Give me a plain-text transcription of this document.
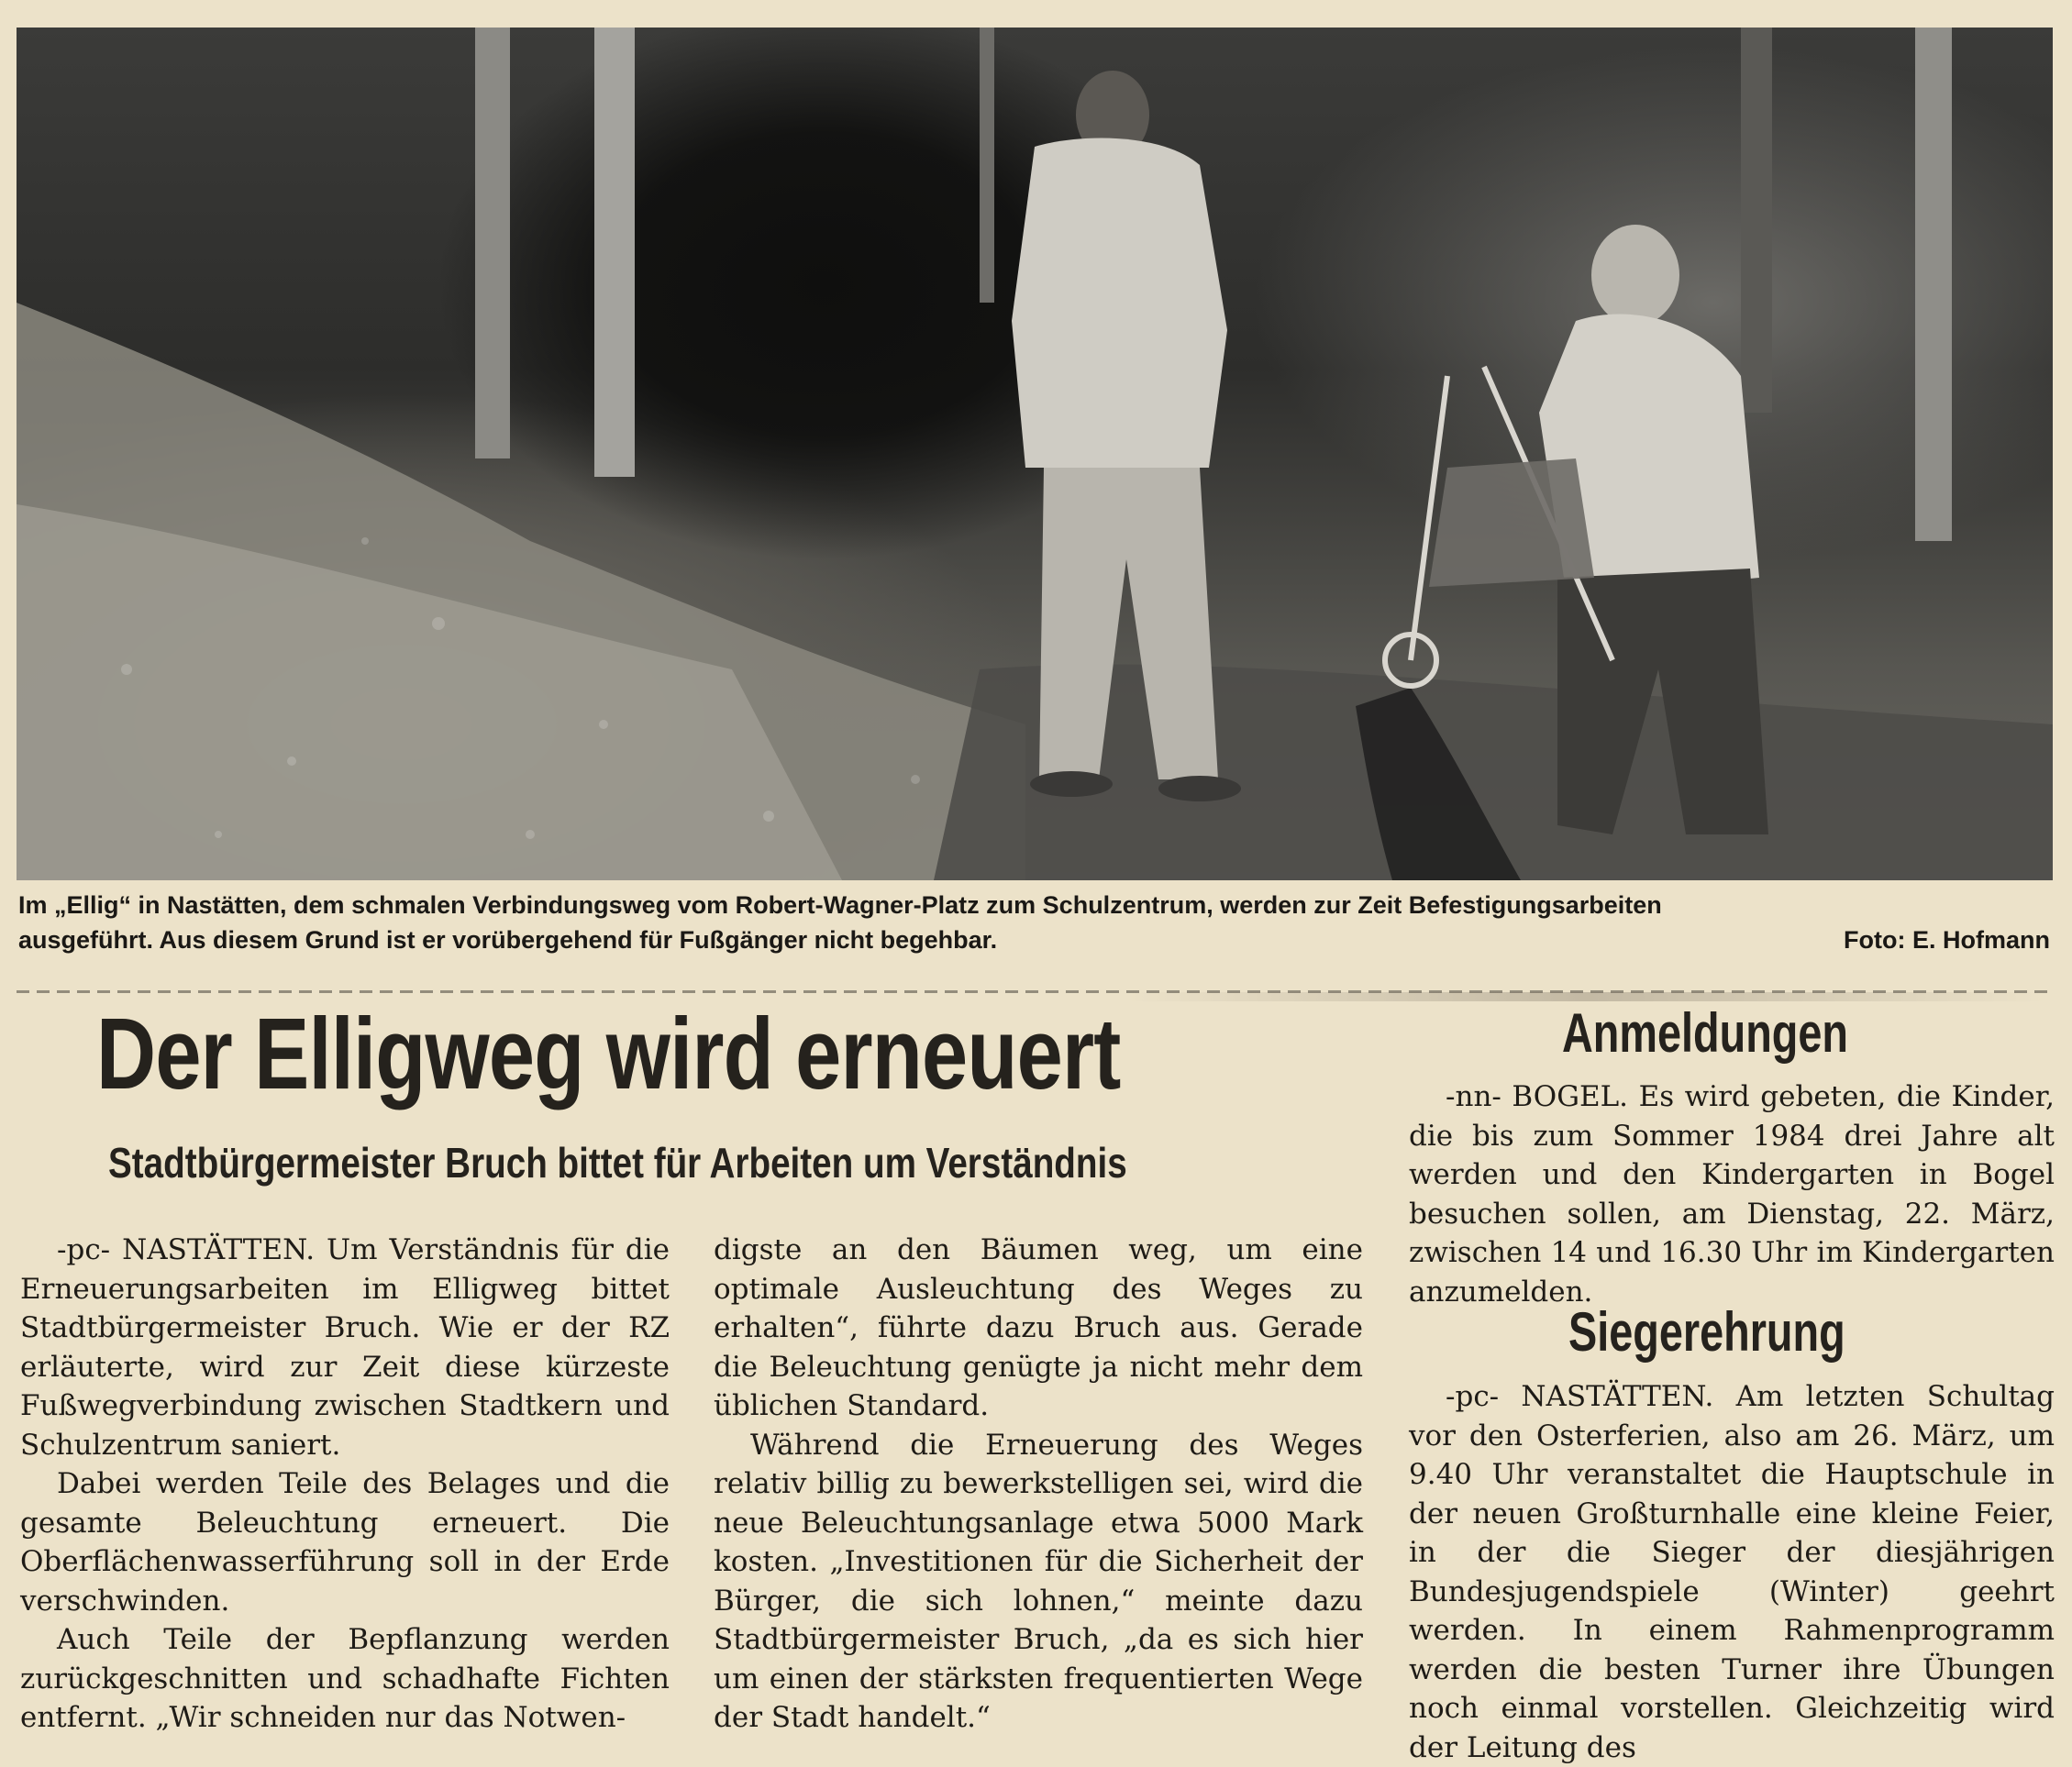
Im „Ellig“ in Nastätten, dem schmalen Verbindungsweg vom Robert-Wagner-Platz zum Schulzentrum, werden zur Zeit Befestigungsarbeiten
ausgeführt. Aus diesem Grund ist er vorübergehend für Fußgänger nicht begehbar.	Foto: E. Hofmann
Der Elligweg wird erneuert
Stadtbürgermeister Bruch bittet für Arbeiten um Verständnis

-pc- NASTÄTTEN. Um Verständnis für die Erneuerungsarbeiten im Elligweg bittet Stadtbürgermeister Bruch. Wie er der RZ erläuterte, wird zur Zeit diese kürzeste Fußwegverbindung zwischen Stadtkern und Schulzentrum saniert.

Dabei werden Teile des Belages und die gesamte Beleuchtung erneuert. Die Oberflächenwasserführung soll in der Erde verschwinden.

Auch Teile der Bepflanzung werden zurückgeschnitten und schadhafte Fichten entfernt. „Wir schneiden nur das Notwen-

digste an den Bäumen weg, um eine optimale Ausleuchtung des Weges zu erhalten“, führte dazu Bruch aus. Gerade die Beleuchtung genügte ja nicht mehr dem üblichen Standard.

Während die Erneuerung des Weges relativ billig zu bewerkstelligen sei, wird die neue Beleuchtungsanlage etwa 5000 Mark kosten. „Investitionen für die Sicherheit der Bürger, die sich lohnen,“ meinte dazu Stadtbürgermeister Bruch, „da es sich hier um einen der stärksten frequentierten Wege der Stadt handelt.“

Anmeldungen

-nn- BOGEL. Es wird gebeten, die Kinder, die bis zum Sommer 1984 drei Jahre alt werden und den Kindergarten in Bogel besuchen sollen, am Dienstag, 22. März, zwischen 14 und 16.30 Uhr im Kindergarten anzumelden.

Siegerehrung

-pc- NASTÄTTEN. Am letzten Schultag vor den Osterferien, also am 26. März, um 9.40 Uhr veranstaltet die Hauptschule in der neuen Großturnhalle eine kleine Feier, in der die Sieger der diesjährigen Bundesjugendspiele (Winter) geehrt werden. In einem Rahmenprogramm werden die besten Turner ihre Übungen noch einmal vorstellen. Gleichzeitig wird der Leitung des
